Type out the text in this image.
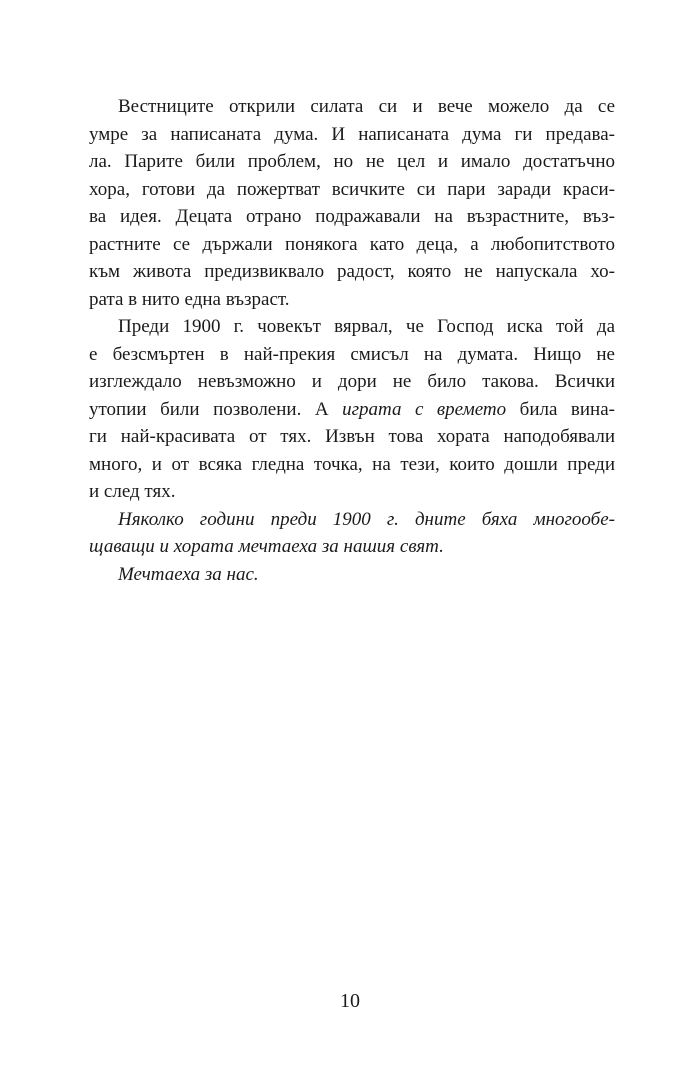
Вестниците открили силата си и вече можело да се
умре за написаната дума. И написаната дума ги предава-
ла. Парите били проблем, но не цел и имало достатъчно
хора, готови да пожертват всичките си пари заради краси-
ва идея. Децата отрано подражавали на възрастните, въз-
растните се държали понякога като деца, а любопитството
към живота предизвиквало радост, която не напускала хо-
рата в нито една възраст.
Преди 1900 г. човекът вярвал, че Господ иска той да
е безсмъртен в най-прекия смисъл на думата. Нищо не
изглеждало невъзможно и дори не било такова. Всички
утопии били позволени. А играта с времето била вина-
ги най-красивата от тях. Извън това хората наподобявали
много, и от всяка гледна точка, на тези, които дошли преди
и след тях.
Няколко години преди 1900 г. дните бяха многообе-
щаващи и хората мечтаеха за нашия свят.
Мечтаеха за нас.
10
